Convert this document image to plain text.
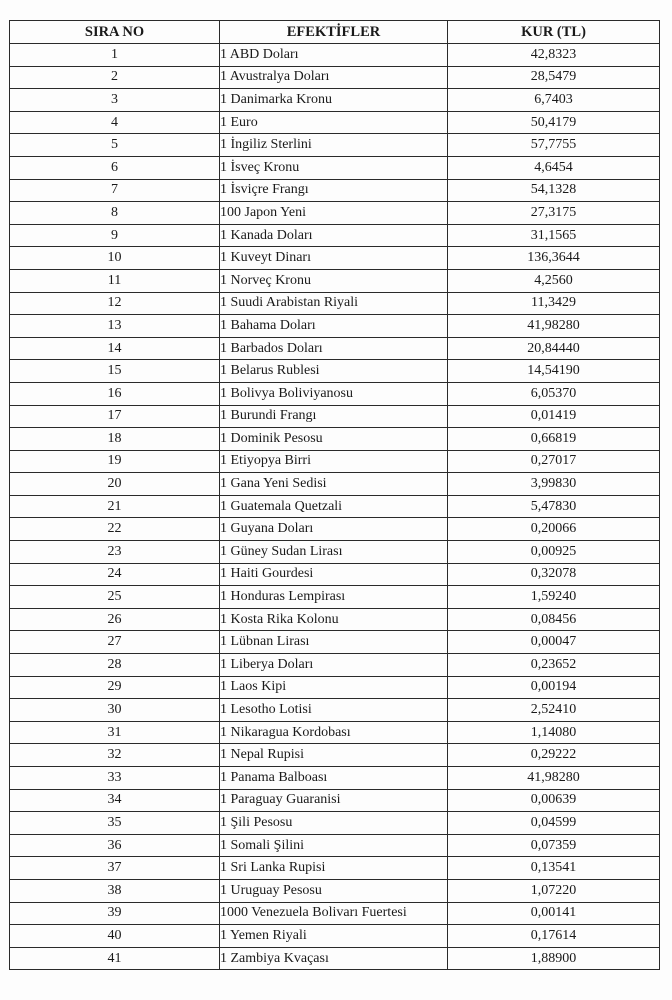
SIRA NO	EFEKTİFLER	KUR (TL)
1	1 ABD Doları	42,8323
2	1 Avustralya Doları	28,5479
3	1 Danimarka Kronu	6,7403
4	1 Euro	50,4179
5	1 İngiliz Sterlini	57,7755
6	1 İsveç Kronu	4,6454
7	1 İsviçre Frangı	54,1328
8	100 Japon Yeni	27,3175
9	1 Kanada Doları	31,1565
10	1 Kuveyt Dinarı	136,3644
11	1 Norveç Kronu	4,2560
12	1 Suudi Arabistan Riyali	11,3429
13	1 Bahama Doları	41,98280
14	1 Barbados Doları	20,84440
15	1 Belarus Rublesi	14,54190
16	1 Bolivya Boliviyanosu	6,05370
17	1 Burundi Frangı	0,01419
18	1 Dominik Pesosu	0,66819
19	1 Etiyopya Birri	0,27017
20	1 Gana Yeni Sedisi	3,99830
21	1 Guatemala Quetzali	5,47830
22	1 Guyana Doları	0,20066
23	1 Güney Sudan Lirası	0,00925
24	1 Haiti Gourdesi	0,32078
25	1 Honduras Lempirası	1,59240
26	1 Kosta Rika Kolonu	0,08456
27	1 Lübnan Lirası	0,00047
28	1 Liberya Doları	0,23652
29	1 Laos Kipi	0,00194
30	1 Lesotho Lotisi	2,52410
31	1 Nikaragua Kordobası	1,14080
32	1 Nepal Rupisi	0,29222
33	1 Panama Balboası	41,98280
34	1 Paraguay Guaranisi	0,00639
35	1 Şili Pesosu	0,04599
36	1 Somali Şilini	0,07359
37	1 Sri Lanka Rupisi	0,13541
38	1 Uruguay Pesosu	1,07220
39	1000 Venezuela Bolivarı Fuertesi	0,00141
40	1 Yemen Riyali	0,17614
41	1 Zambiya Kvaçası	1,88900
